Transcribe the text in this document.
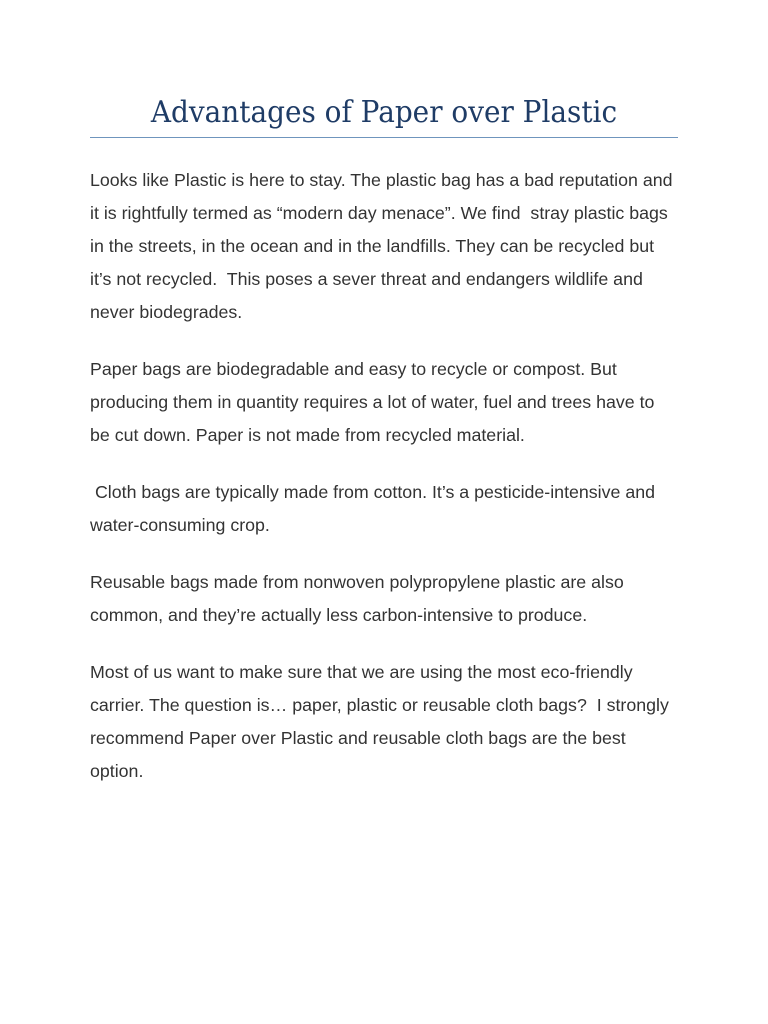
Advantages of Paper over Plastic

Looks like Plastic is here to stay. The plastic bag has a bad reputation and it is rightfully termed as “modern day menace”. We find  stray plastic bags in the streets, in the ocean and in the landfills. They can be recycled but it’s not recycled.  This poses a sever threat and endangers wildlife and never biodegrades.

Paper bags are biodegradable and easy to recycle or compost. But producing them in quantity requires a lot of water, fuel and trees have to be cut down. Paper is not made from recycled material.

Cloth bags are typically made from cotton. It’s a pesticide-intensive and water-consuming crop.

Reusable bags made from nonwoven polypropylene plastic are also common, and they’re actually less carbon-intensive to produce.

Most of us want to make sure that we are using the most eco-friendly carrier. The question is… paper, plastic or reusable cloth bags?  I strongly recommend Paper over Plastic and reusable cloth bags are the best option.
